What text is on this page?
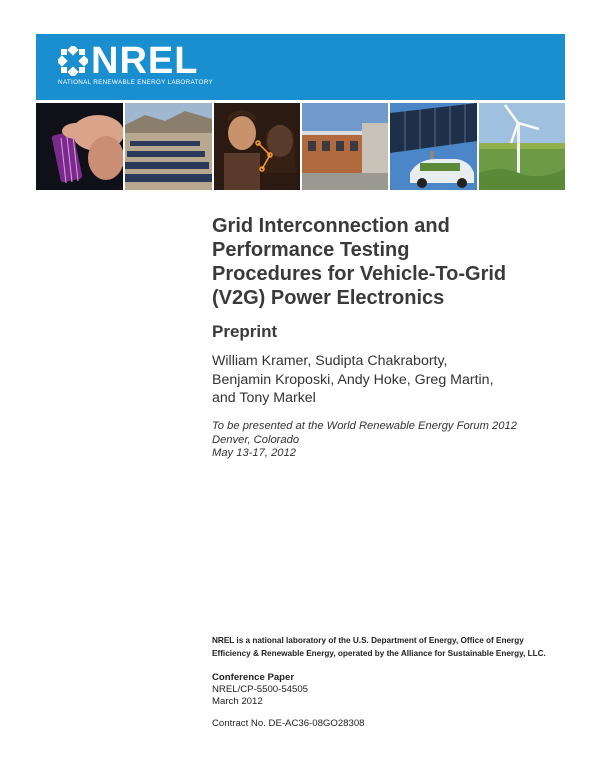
NREL
NATIONAL RENEWABLE ENERGY LABORATORY
Grid Interconnection and
Performance Testing
Procedures for Vehicle-To-Grid
(V2G) Power Electronics
Preprint
William Kramer, Sudipta Chakraborty,
Benjamin Kroposki, Andy Hoke, Greg Martin,
and Tony Markel
To be presented at the World Renewable Energy Forum 2012
Denver, Colorado
May 13-17, 2012
NREL is a national laboratory of the U.S. Department of Energy, Office of Energy
Efficiency & Renewable Energy, operated by the Alliance for Sustainable Energy, LLC.
Conference Paper
NREL/CP-5500-54505
March 2012
Contract No. DE-AC36-08GO28308
